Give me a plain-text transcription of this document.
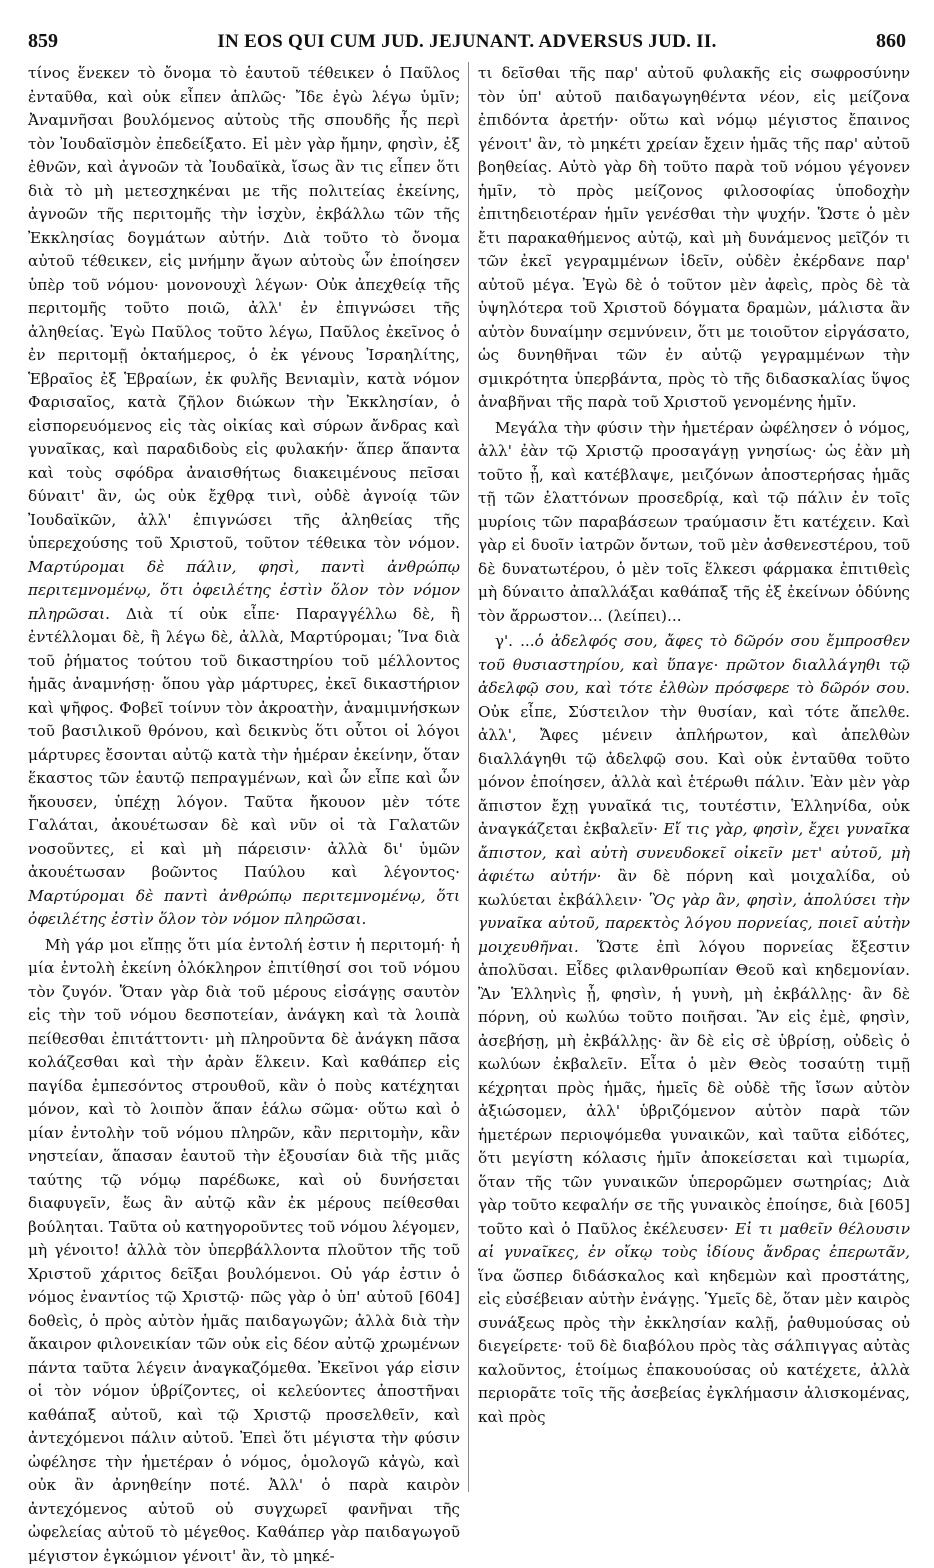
859	IN EOS QUI CUM JUD. JEJUNANT. ADVERSUS JUD. II.	860

τίνος ἕνεκεν τὸ ὄνομα τὸ ἑαυτοῦ τέθεικεν ὁ Παῦλος ἐνταῦθα, καὶ οὐκ εἶπεν ἁπλῶς· Ἴδε ἐγὼ λέγω ὑμῖν; Ἀναμνῆσαι βουλόμενος αὐτοὺς τῆς σπουδῆς ἧς περὶ τὸν Ἰουδαϊσμὸν ἐπεδείξατο. Εἰ μὲν γὰρ ἤμην, φησὶν, ἐξ ἐθνῶν, καὶ ἀγνοῶν τὰ Ἰουδαϊκὰ, ἴσως ἂν τις εἶπεν ὅτι διὰ τὸ μὴ μετεσχηκέναι με τῆς πολιτείας ἐκείνης, ἀγνοῶν τῆς περιτομῆς τὴν ἰσχὺν, ἐκβάλλω τῶν τῆς Ἐκκλησίας δογμάτων αὐτήν. Διὰ τοῦτο τὸ ὄνομα αὐτοῦ τέθεικεν, εἰς μνήμην ἄγων αὐτοὺς ὧν ἐποίησεν ὑπὲρ τοῦ νόμου· μονονουχὶ λέγων· Οὐκ ἀπεχθείᾳ τῆς περιτομῆς τοῦτο ποιῶ, ἀλλ' ἐν ἐπιγνώσει τῆς ἀληθείας. Ἐγὼ Παῦλος τοῦτο λέγω, Παῦλος ἐκεῖνος ὁ ἐν περιτομῇ ὀκταήμερος, ὁ ἐκ γένους Ἰσραηλίτης, Ἑβραῖος ἐξ Ἑβραίων, ἐκ φυλῆς Βενιαμὶν, κατὰ νόμον Φαρισαῖος, κατὰ ζῆλον διώκων τὴν Ἐκκλησίαν, ὁ εἰσπορευόμενος εἰς τὰς οἰκίας καὶ σύρων ἄνδρας καὶ γυναῖκας, καὶ παραδιδοὺς εἰς φυλακήν· ἅπερ ἅπαντα καὶ τοὺς σφόδρα ἀναισθήτως διακειμένους πεῖσαι δύναιτ' ἂν, ὡς οὐκ ἔχθρᾳ τινὶ, οὐδὲ ἀγνοίᾳ τῶν Ἰουδαϊκῶν, ἀλλ' ἐπιγνώσει τῆς ἀληθείας τῆς ὑπερεχούσης τοῦ Χριστοῦ, τοῦτον τέθεικα τὸν νόμον. Μαρτύρομαι δὲ πάλιν, φησὶ, παντὶ ἀνθρώπῳ περιτεμνομένῳ, ὅτι ὀφειλέτης ἐστὶν ὅλον τὸν νόμον πληρῶσαι. Διὰ τί οὐκ εἶπε· Παραγγέλλω δὲ, ἢ ἐντέλλομαι δὲ, ἢ λέγω δὲ, ἀλλὰ, Μαρτύρομαι; Ἵνα διὰ τοῦ ῥήματος τούτου τοῦ δικαστηρίου τοῦ μέλλοντος ἡμᾶς ἀναμνήσῃ· ὅπου γὰρ μάρτυρες, ἐκεῖ δικαστήριον καὶ ψῆφος. Φοβεῖ τοίνυν τὸν ἀκροατὴν, ἀναμιμνήσκων τοῦ βασιλικοῦ θρόνου, καὶ δεικνὺς ὅτι οὗτοι οἱ λόγοι μάρτυρες ἔσονται αὐτῷ κατὰ τὴν ἡμέραν ἐκείνην, ὅταν ἕκαστος τῶν ἑαυτῷ πεπραγμένων, καὶ ὧν εἶπε καὶ ὧν ἤκουσεν, ὑπέχῃ λόγον. Ταῦτα ἤκουον μὲν τότε Γαλάται, ἀκουέτωσαν δὲ καὶ νῦν οἱ τὰ Γαλατῶν νοσοῦντες, εἰ καὶ μὴ πάρεισιν· ἀλλὰ δι' ὑμῶν ἀκουέτωσαν βοῶντος Παύλου καὶ λέγοντος· Μαρτύρομαι δὲ παντὶ ἀνθρώπῳ περιτεμνομένῳ, ὅτι ὀφειλέτης ἐστὶν ὅλον τὸν νόμον πληρῶσαι.

Μὴ γάρ μοι εἴπῃς ὅτι μία ἐντολή ἐστιν ἡ περιτομή· ἡ μία ἐντολὴ ἐκείνη ὁλόκληρον ἐπιτίθησί σοι τοῦ νόμου τὸν ζυγόν. Ὅταν γὰρ διὰ τοῦ μέρους εἰσάγῃς σαυτὸν εἰς τὴν τοῦ νόμου δεσποτείαν, ἀνάγκη καὶ τὰ λοιπὰ πείθεσθαι ἐπιτάττοντι· μὴ πληροῦντα δὲ ἀνάγκη πᾶσα κολάζεσθαι καὶ τὴν ἀρὰν ἕλκειν. Καὶ καθάπερ εἰς παγίδα ἐμπεσόντος στρουθοῦ, κἂν ὁ ποὺς κατέχηται μόνον, καὶ τὸ λοιπὸν ἅπαν ἑάλω σῶμα· οὕτω καὶ ὁ μίαν ἐντολὴν τοῦ νόμου πληρῶν, κἂν περιτομὴν, κἂν νηστείαν, ἅπασαν ἑαυτοῦ τὴν ἐξουσίαν διὰ τῆς μιᾶς ταύτης τῷ νόμῳ παρέδωκε, καὶ οὐ δυνήσεται διαφυγεῖν, ἕως ἂν αὐτῷ κἂν ἐκ μέρους πείθεσθαι βούληται. Ταῦτα οὐ κατηγοροῦντες τοῦ νόμου λέγομεν, μὴ γένοιτο! ἀλλὰ τὸν ὑπερβάλλοντα πλοῦτον τῆς τοῦ Χριστοῦ χάριτος δεῖξαι βουλόμενοι. Οὐ γάρ ἐστιν ὁ νόμος ἐναντίος τῷ Χριστῷ· πῶς γὰρ ὁ ὑπ' αὐτοῦ [604] δοθεὶς, ὁ πρὸς αὐτὸν ἡμᾶς παιδαγωγῶν; ἀλλὰ διὰ τὴν ἄκαιρον φιλονεικίαν τῶν οὐκ εἰς δέον αὐτῷ χρωμένων πάντα ταῦτα λέγειν ἀναγκαζόμεθα. Ἐκεῖνοι γάρ εἰσιν οἱ τὸν νόμον ὑβρίζοντες, οἱ κελεύοντες ἀποστῆναι καθάπαξ αὐτοῦ, καὶ τῷ Χριστῷ προσελθεῖν, καὶ ἀντεχόμενοι πάλιν αὐτοῦ. Ἐπεὶ ὅτι μέγιστα τὴν φύσιν ὠφέλησε τὴν ἡμετέραν ὁ νόμος, ὁμολογῶ κἀγὼ, καὶ οὐκ ἂν ἀρνηθείην ποτέ. Ἀλλ' ὁ παρὰ καιρὸν ἀντεχόμενος αὐτοῦ οὐ συγχωρεῖ φανῆναι τῆς ὠφελείας αὐτοῦ τὸ μέγεθος. Καθάπερ γὰρ παιδαγωγοῦ μέγιστον ἐγκώμιον γένοιτ' ἂν, τὸ μηκέ-

τι δεῖσθαι τῆς παρ' αὐτοῦ φυλακῆς εἰς σωφροσύνην τὸν ὑπ' αὐτοῦ παιδαγωγηθέντα νέον, εἰς μείζονα ἐπιδόντα ἀρετήν· οὕτω καὶ νόμῳ μέγιστος ἔπαινος γένοιτ' ἂν, τὸ μηκέτι χρείαν ἔχειν ἡμᾶς τῆς παρ' αὐτοῦ βοηθείας. Αὐτὸ γὰρ δὴ τοῦτο παρὰ τοῦ νόμου γέγονεν ἡμῖν, τὸ πρὸς μείζονος φιλοσοφίας ὑποδοχὴν ἐπιτηδειοτέραν ἡμῖν γενέσθαι τὴν ψυχήν. Ὥστε ὁ μὲν ἔτι παρακαθήμενος αὐτῷ, καὶ μὴ δυνάμενος μεῖζόν τι τῶν ἐκεῖ γεγραμμένων ἰδεῖν, οὐδὲν ἐκέρδανε παρ' αὐτοῦ μέγα. Ἐγὼ δὲ ὁ τοῦτον μὲν ἀφεὶς, πρὸς δὲ τὰ ὑψηλότερα τοῦ Χριστοῦ δόγματα δραμὼν, μάλιστα ἂν αὐτὸν δυναίμην σεμνύνειν, ὅτι με τοιοῦτον εἰργάσατο, ὡς δυνηθῆναι τῶν ἐν αὐτῷ γεγραμμένων τὴν σμικρότητα ὑπερβάντα, πρὸς τὸ τῆς διδασκαλίας ὕψος ἀναβῆναι τῆς παρὰ τοῦ Χριστοῦ γενομένης ἡμῖν.

Μεγάλα τὴν φύσιν τὴν ἡμετέραν ὠφέλησεν ὁ νόμος, ἀλλ' ἐὰν τῷ Χριστῷ προσαγάγῃ γνησίως· ὡς ἐὰν μὴ τοῦτο ᾖ, καὶ κατέβλαψε, μειζόνων ἀποστερήσας ἡμᾶς τῇ τῶν ἐλαττόνων προσεδρίᾳ, καὶ τῷ πάλιν ἐν τοῖς μυρίοις τῶν παραβάσεων τραύμασιν ἔτι κατέχειν. Καὶ γὰρ εἰ δυοῖν ἰατρῶν ὄντων, τοῦ μὲν ἀσθενεστέρου, τοῦ δὲ δυνατωτέρου, ὁ μὲν τοῖς ἕλκεσι φάρμακα ἐπιτιθεὶς μὴ δύναιτο ἀπαλλάξαι καθάπαξ τῆς ἐξ ἐκείνων ὀδύνης τὸν ἄρρωστον... (λείπει)...

γ'. ...ὁ ἀδελφός σου, ἄφες τὸ δῶρόν σου ἔμπροσθεν τοῦ θυσιαστηρίου, καὶ ὕπαγε· πρῶτον διαλλάγηθι τῷ ἀδελφῷ σου, καὶ τότε ἐλθὼν πρόσφερε τὸ δῶρόν σου. Οὐκ εἶπε, Σύστειλον τὴν θυσίαν, καὶ τότε ἄπελθε. ἀλλ', Ἄφες μένειν ἀπλήρωτον, καὶ ἀπελθὼν διαλλάγηθι τῷ ἀδελφῷ σου. Καὶ οὐκ ἐνταῦθα τοῦτο μόνον ἐποίησεν, ἀλλὰ καὶ ἑτέρωθι πάλιν. Ἐὰν μὲν γὰρ ἄπιστον ἔχῃ γυναῖκά τις, τουτέστιν, Ἑλληνίδα, οὐκ ἀναγκάζεται ἐκβαλεῖν· Εἴ τις γὰρ, φησὶν, ἔχει γυναῖκα ἄπιστον, καὶ αὐτὴ συνευδοκεῖ οἰκεῖν μετ' αὐτοῦ, μὴ ἀφιέτω αὐτήν· ἂν δὲ πόρνη καὶ μοιχαλίδα, οὐ κωλύεται ἐκβάλλειν· Ὃς γὰρ ἂν, φησὶν, ἀπολύσει τὴν γυναῖκα αὐτοῦ, παρεκτὸς λόγου πορνείας, ποιεῖ αὐτὴν μοιχευθῆναι. Ὥστε ἐπὶ λόγου πορνείας ἔξεστιν ἀπολῦσαι. Εἶδες φιλανθρωπίαν Θεοῦ καὶ κηδεμονίαν. Ἂν Ἑλληνὶς ᾖ, φησὶν, ἡ γυνὴ, μὴ ἐκβάλλῃς· ἂν δὲ πόρνη, οὐ κωλύω τοῦτο ποιῆσαι. Ἂν εἰς ἐμὲ, φησὶν, ἀσεβήσῃ, μὴ ἐκβάλλῃς· ἂν δὲ εἰς σὲ ὑβρίσῃ, οὐδεὶς ὁ κωλύων ἐκβαλεῖν. Εἶτα ὁ μὲν Θεὸς τοσαύτῃ τιμῇ κέχρηται πρὸς ἡμᾶς, ἡμεῖς δὲ οὐδὲ τῆς ἴσων αὐτὸν ἀξιώσομεν, ἀλλ' ὑβριζόμενον αὐτὸν παρὰ τῶν ἡμετέρων περιοψόμεθα γυναικῶν, καὶ ταῦτα εἰδότες, ὅτι μεγίστη κόλασις ἡμῖν ἀποκείσεται καὶ τιμωρία, ὅταν τῆς τῶν γυναικῶν ὑπερορῶμεν σωτηρίας; Διὰ γὰρ τοῦτο κεφαλήν σε τῆς γυναικὸς ἐποίησε, διὰ [605] τοῦτο καὶ ὁ Παῦλος ἐκέλευσεν· Εἰ τι μαθεῖν θέλουσιν αἱ γυναῖκες, ἐν οἴκῳ τοὺς ἰδίους ἄνδρας ἐπερωτᾶν, ἵνα ὥσπερ διδάσκαλος καὶ κηδεμὼν καὶ προστάτης, εἰς εὐσέβειαν αὐτὴν ἐνάγῃς. Ὑμεῖς δὲ, ὅταν μὲν καιρὸς συνάξεως πρὸς τὴν ἐκκλησίαν καλῇ, ῥαθυμούσας οὐ διεγείρετε· τοῦ δὲ διαβόλου πρὸς τὰς σάλπιγγας αὐτὰς καλοῦντος, ἑτοίμως ἐπακουούσας οὐ κατέχετε, ἀλλὰ περιορᾶτε τοῖς τῆς ἀσεβείας ἐγκλήμασιν ἁλισκομένας, καὶ πρὸς
